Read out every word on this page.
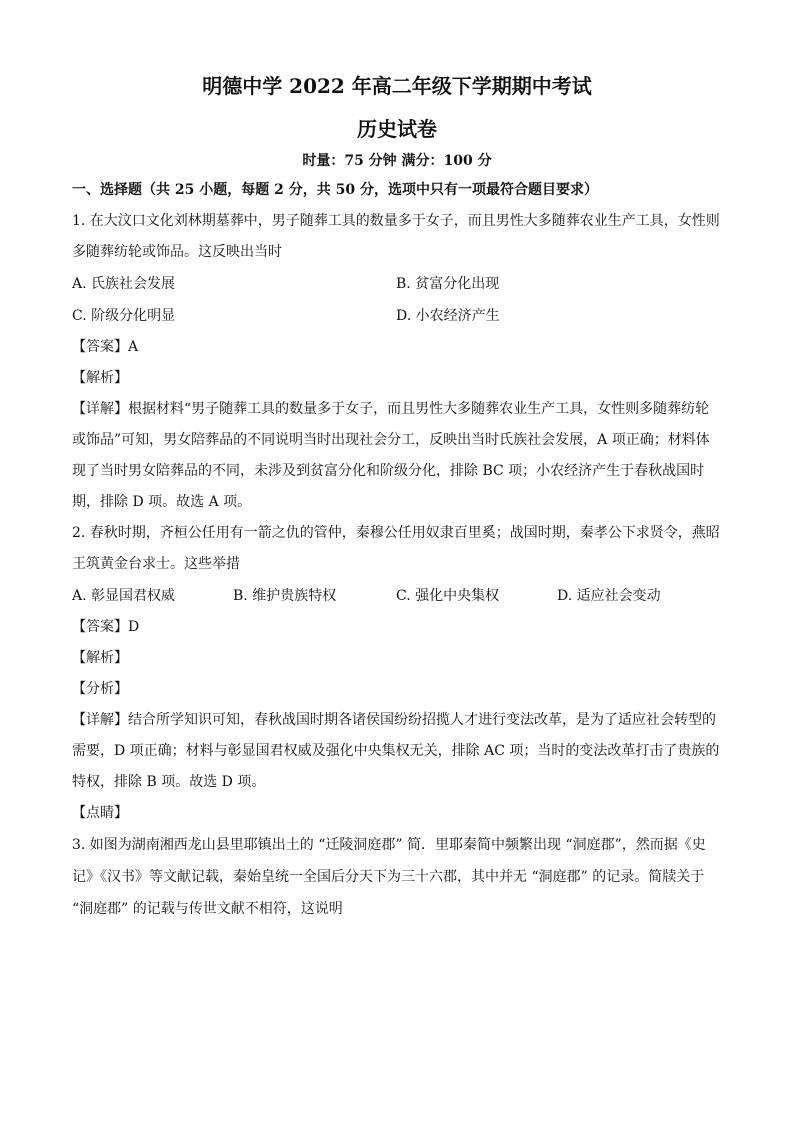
明德中学 2022 年高二年级下学期期中考试
历史试卷
时量：75 分钟 满分：100 分
一、选择题（共 25 小题，每题 2 分，共 50 分，选项中只有一项最符合题目要求）
1. 在大汶口文化刘林期墓葬中，男子随葬工具的数量多于女子，而且男性大多随葬农业生产工具，女性则
多随葬纺轮或饰品。这反映出当时
A. 氏族社会发展	B. 贫富分化出现
C. 阶级分化明显	D. 小农经济产生
【答案】A
【解析】
【详解】根据材料“男子随葬工具的数量多于女子，而且男性大多随葬农业生产工具，女性则多随葬纺轮
或饰品”可知，男女陪葬品的不同说明当时出现社会分工，反映出当时氏族社会发展，A 项正确；材料体
现了当时男女陪葬品的不同，未涉及到贫富分化和阶级分化，排除 BC 项；小农经济产生于春秋战国时
期，排除 D 项。故选 A 项。
2. 春秋时期，齐桓公任用有一箭之仇的管仲，秦穆公任用奴隶百里奚；战国时期，秦孝公下求贤令，燕昭
王筑黄金台求士。这些举措
A. 彰显国君权威	B. 维护贵族特权	C. 强化中央集权	D. 适应社会变动
【答案】D
【解析】
【分析】
【详解】结合所学知识可知，春秋战国时期各诸侯国纷纷招揽人才进行变法改革，是为了适应社会转型的
需要，D 项正确；材料与彰显国君权威及强化中央集权无关，排除 AC 项；当时的变法改革打击了贵族的
特权，排除 B 项。故选 D 项。
【点睛】
3. 如图为湖南湘西龙山县里耶镇出土的 “迁陵洞庭郡” 简．里耶秦简中频繁出现 “洞庭郡”，然而据《史
记》《汉书》等文献记载，秦始皇统一全国后分天下为三十六郡，其中并无 “洞庭郡” 的记录。简牍关于
“洞庭郡” 的记载与传世文献不相符，这说明
